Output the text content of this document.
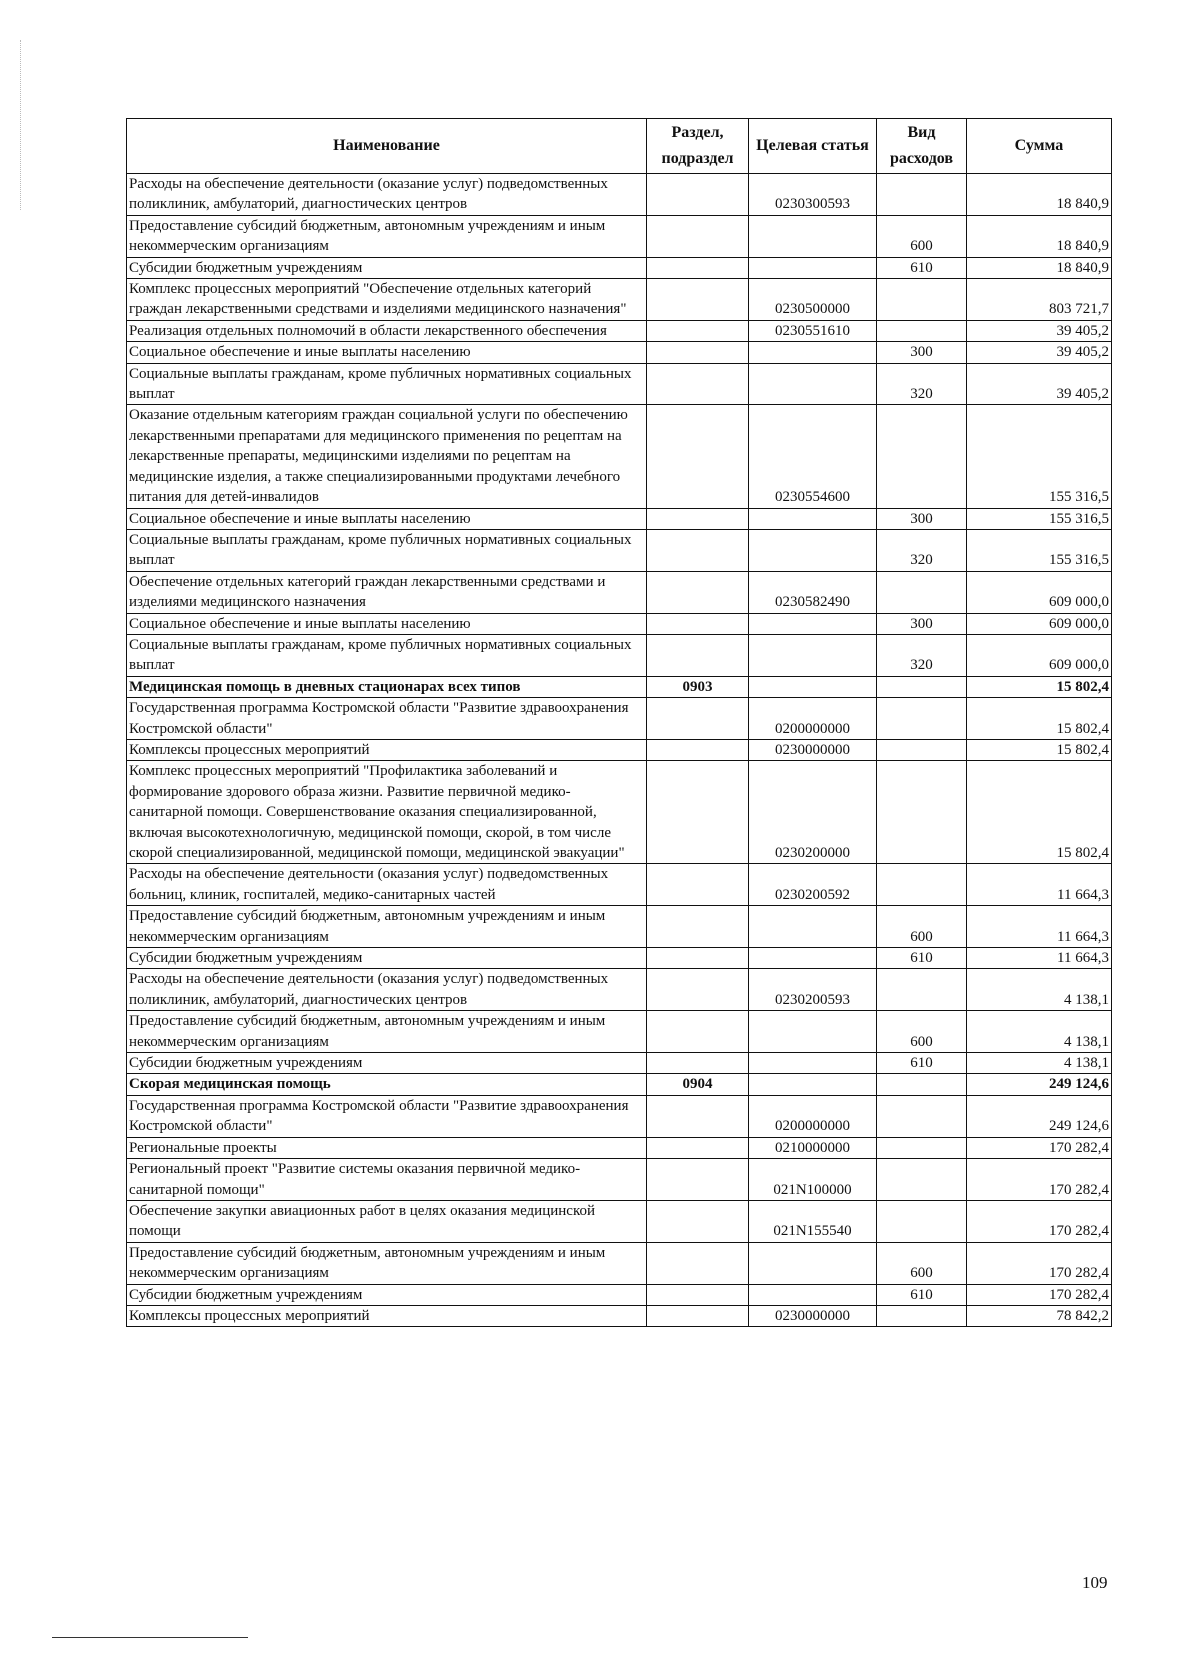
Наименование	Раздел, подраздел	Целевая статья	Вид расходов	Сумма
Расходы на обеспечение деятельности (оказание услуг) подведомственных поликлиник, амбулаторий, диагностических центров		0230300593		18 840,9
Предоставление субсидий бюджетным, автономным учреждениям и иным некоммерческим организациям			600	18 840,9
Субсидии бюджетным учреждениям			610	18 840,9
Комплекс процессных мероприятий "Обеспечение отдельных категорий граждан лекарственными средствами и изделиями медицинского назначения"		0230500000		803 721,7
Реализация отдельных полномочий в области лекарственного обеспечения		0230551610		39 405,2
Социальное обеспечение и иные выплаты населению			300	39 405,2
Социальные выплаты гражданам, кроме публичных нормативных социальных выплат			320	39 405,2
Оказание отдельным категориям граждан социальной услуги по обеспечению лекарственными препаратами для медицинского применения по рецептам на лекарственные препараты, медицинскими изделиями по рецептам на медицинские изделия, а также специализированными продуктами лечебного питания для детей-инвалидов		0230554600		155 316,5
Социальное обеспечение и иные выплаты населению			300	155 316,5
Социальные выплаты гражданам, кроме публичных нормативных социальных выплат			320	155 316,5
Обеспечение отдельных категорий граждан лекарственными средствами и изделиями медицинского назначения		0230582490		609 000,0
Социальное обеспечение и иные выплаты населению			300	609 000,0
Социальные выплаты гражданам, кроме публичных нормативных социальных выплат			320	609 000,0
Медицинская помощь в дневных стационарах всех типов	0903			15 802,4
Государственная программа Костромской области "Развитие здравоохранения Костромской области"		0200000000		15 802,4
Комплексы процессных мероприятий		0230000000		15 802,4
Комплекс процессных мероприятий "Профилактика заболеваний и формирование здорового образа жизни. Развитие первичной медико-санитарной помощи. Совершенствование оказания специализированной, включая высокотехнологичную, медицинской помощи, скорой, в том числе скорой специализированной, медицинской помощи, медицинской эвакуации"		0230200000		15 802,4
Расходы на обеспечение деятельности (оказания услуг) подведомственных больниц, клиник, госпиталей, медико-санитарных частей		0230200592		11 664,3
Предоставление субсидий бюджетным, автономным учреждениям и иным некоммерческим организациям			600	11 664,3
Субсидии бюджетным учреждениям			610	11 664,3
Расходы на обеспечение деятельности (оказания услуг) подведомственных поликлиник, амбулаторий, диагностических центров		0230200593		4 138,1
Предоставление субсидий бюджетным, автономным учреждениям и иным некоммерческим организациям			600	4 138,1
Субсидии бюджетным учреждениям			610	4 138,1
Скорая медицинская помощь	0904			249 124,6
Государственная программа Костромской области "Развитие здравоохранения Костромской области"		0200000000		249 124,6
Региональные проекты		0210000000		170 282,4
Региональный проект "Развитие системы оказания первичной медико-санитарной помощи"		021N100000		170 282,4
Обеспечение закупки авиационных работ в целях оказания медицинской помощи		021N155540		170 282,4
Предоставление субсидий бюджетным, автономным учреждениям и иным некоммерческим организациям			600	170 282,4
Субсидии бюджетным учреждениям			610	170 282,4
Комплексы процессных мероприятий		0230000000		78 842,2
109
